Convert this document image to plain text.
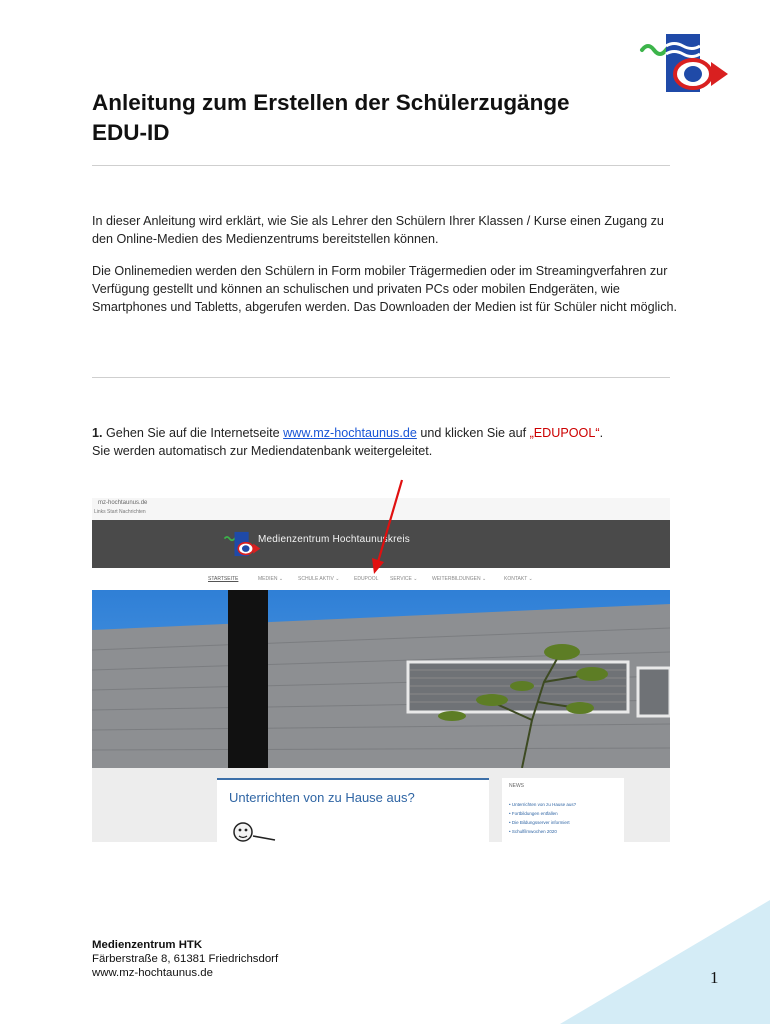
Anleitung zum Erstellen der Schülerzugänge
EDU-ID

In dieser Anleitung wird erklärt, wie Sie als Lehrer den Schülern Ihrer Klassen / Kurse einen Zugang zu den Online-Medien des Medienzentrums bereitstellen können.

Die Onlinemedien werden den Schülern in Form mobiler Trägermedien oder im Streamingverfahren zur Verfügung gestellt und können an schulischen und privaten PCs oder mobilen Endgeräten, wie Smartphones und Tabletts, abgerufen werden. Das Downloaden der Medien ist für Schüler nicht möglich.

1. Gehen Sie auf die Internetseite www.mz-hochtaunus.de und klicken Sie auf „EDUPOOL“.
Sie werden automatisch zur Mediendatenbank weitergeleitet.
mz-hochtaunus.de
Links Start Nachrichten
Medienzentrum Hochtaunuskreis
STARTSEITE	MEDIEN ⌄	SCHULE AKTIV ⌄	EDUPOOL SERVICE ⌄	WEITERBILDUNGEN ⌄	KONTAKT ⌄
Unterrichten von zu Hause aus?
NEWS
• Unterrichten von zu Hause aus?
• Fortbildungen entfallen
• Die Bildungsserver informiert
• Schulfilmwochen 2020
Medienzentrum HTK
Färberstraße 8, 61381 Friedrichsdorf
www.mz-hochtaunus.de	1
